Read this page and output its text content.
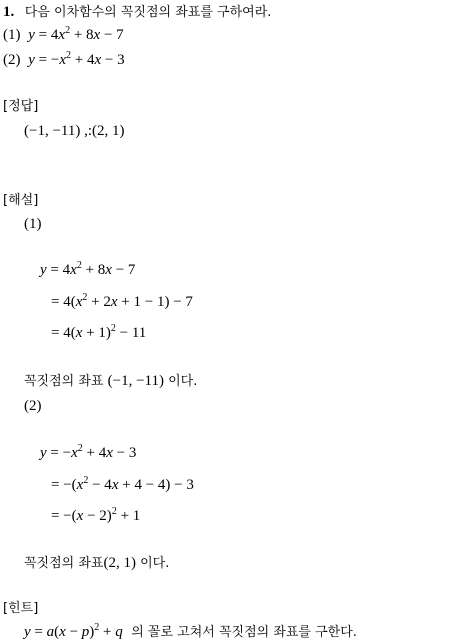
1. 다음 이차함수의 꼭짓점의 좌표를 구하여라.
(1) $y = 4x^2 + 8x - 7$
(2) $y = -x^2 + 4x - 3$
[정답]
(−1, −11) ,:(2, 1)
[해설]
(1)
$y = 4x^2 + 8x - 7$
= $4(x^2 + 2x + 1 - 1) - 7$
= $4(x + 1)^2 - 11$
꼭짓점의 좌표 (−1, −11) 이다.
(2)
$y = -x^2 + 4x - 3$
= $-(x^2 - 4x + 4 - 4) - 3$
= $-(x - 2)^2 + 1$
꼭짓점의 좌표(2, 1) 이다.
[힌트]
$y = a(x - p)^2 + q$ 의 꼴로 고쳐서 꼭짓점의 좌표를 구한다.
